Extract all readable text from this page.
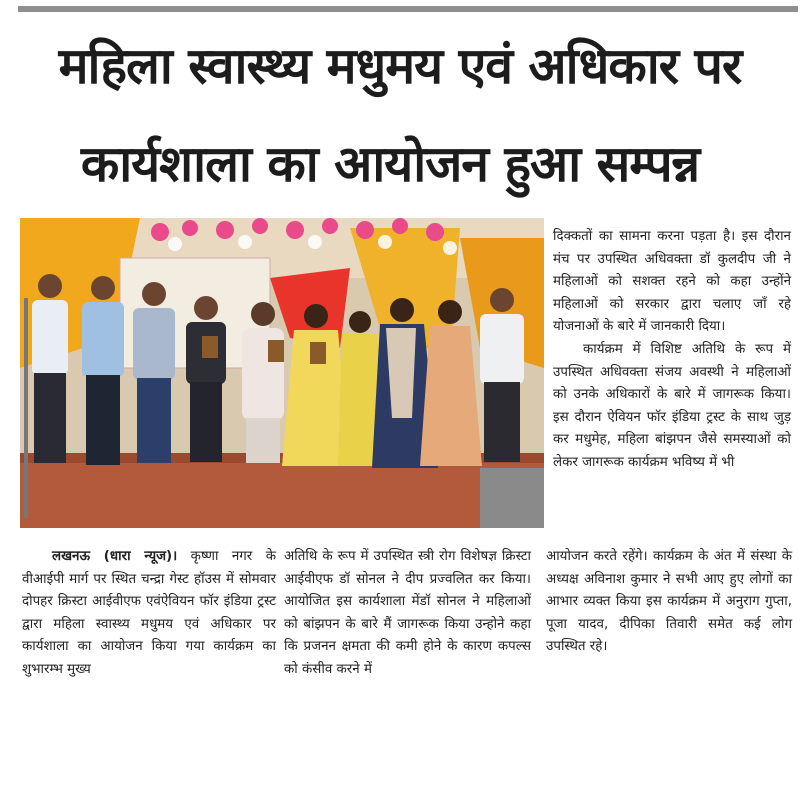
महिला स्वास्थ्य मधुमय एवं अधिकार पर
कार्यशाला का आयोजन हुआ सम्पन्न

दिक्कतों का सामना करना पड़ता है। इस दौरान मंच पर उपस्थित अधिवक्ता डॉ कुलदीप जी ने महिलाओं को सशक्त रहने को कहा उन्होंने महिलाओं को सरकार द्वारा चलाए जाँ रहे योजनाओं के बारे में जानकारी दिया।

कार्यक्रम में विशिष्ट अतिथि के रूप में उपस्थित अधिवक्ता संजय अवस्थी ने महिलाओं को उनके अधिकारों के बारे में जागरूक किया। इस दौरान ऐवियन फॉर इंडिया ट्रस्ट के साथ जुड़ कर मधुमेह, महिला बांझपन जैसे समस्याओं को लेकर जागरूक कार्यक्रम भविष्य में भी

लखनऊ (धारा न्यूज)। कृष्णा नगर के वीआईपी मार्ग पर स्थित चन्द्रा गेस्ट हॉउस में सोमवार दोपहर क्रिस्टा आईवीएफ एवंऐवियन फॉर इंडिया ट्रस्ट द्वारा महिला स्वास्थ्य मधुमय एवं अधिकार पर कार्यशाला का आयोजन किया गया कार्यक्रम का शुभारम्भ मुख्य

अतिथि के रूप में उपस्थित स्त्री रोग विशेषज्ञ क्रिस्टा आईवीएफ डॉ सोनल ने दीप प्रज्वलित कर किया। आयोजित इस कार्यशाला मेंडॉ सोनल ने महिलाओं को बांझपन के बारे मैं जागरूक किया उन्होने कहा कि प्रजनन क्षमता की कमी होने के कारण कपल्स को कंसीव करने में

आयोजन करते रहेंगे। कार्यक्रम के अंत में संस्था के अध्यक्ष अविनाश कुमार ने सभी आए हुए लोगों का आभार व्यक्त किया इस कार्यक्रम में अनुराग गुप्ता, पूजा यादव, दीपिका तिवारी समेत कई लोग उपस्थित रहे।
